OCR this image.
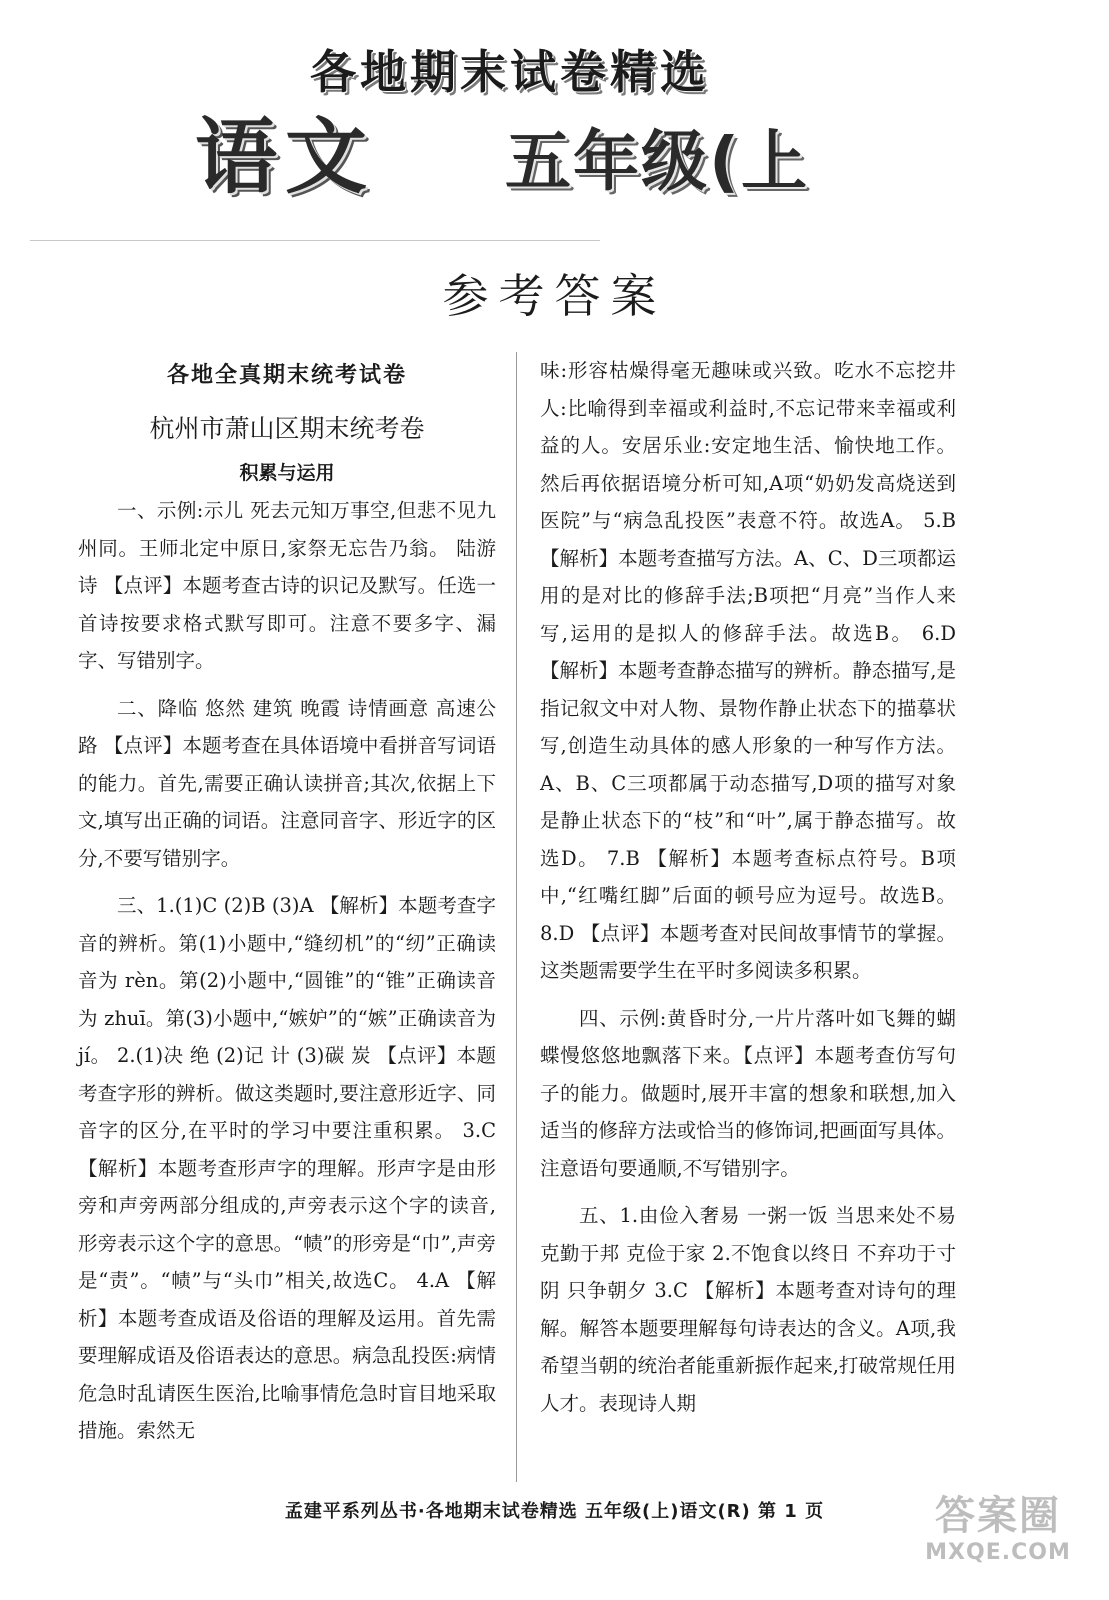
各地期末试卷精选
语文 五年级(上
参考答案
各地全真期末统考试卷
杭州市萧山区期末统考卷
积累与运用

一、示例:示儿 死去元知万事空,但悲不见九州同。王师北定中原日,家祭无忘告乃翁。 陆游诗 【点评】本题考查古诗的识记及默写。任选一首诗按要求格式默写即可。注意不要多字、漏字、写错别字。

二、降临 悠然 建筑 晚霞 诗情画意 高速公路 【点评】本题考查在具体语境中看拼音写词语的能力。首先,需要正确认读拼音;其次,依据上下文,填写出正确的词语。注意同音字、形近字的区分,不要写错别字。

三、1.(1)C (2)B (3)A 【解析】本题考查字音的辨析。第(1)小题中,“缝纫机”的“纫”正确读音为 rèn。第(2)小题中,“圆锥”的“锥”正确读音为 zhuī。第(3)小题中,“嫉妒”的“嫉”正确读音为 jí。 2.(1)决 绝 (2)记 计 (3)碳 炭 【点评】本题考查字形的辨析。做这类题时,要注意形近字、同音字的区分,在平时的学习中要注重积累。 3.C 【解析】本题考查形声字的理解。形声字是由形旁和声旁两部分组成的,声旁表示这个字的读音,形旁表示这个字的意思。“帻”的形旁是“巾”,声旁是“责”。“帻”与“头巾”相关,故选C。 4.A 【解析】本题考查成语及俗语的理解及运用。首先需要理解成语及俗语表达的意思。病急乱投医:病情危急时乱请医生医治,比喻事情危急时盲目地采取措施。索然无

味:形容枯燥得毫无趣味或兴致。吃水不忘挖井人:比喻得到幸福或利益时,不忘记带来幸福或利益的人。安居乐业:安定地生活、愉快地工作。然后再依据语境分析可知,A项“奶奶发高烧送到医院”与“病急乱投医”表意不符。故选A。 5.B 【解析】本题考查描写方法。A、C、D三项都运用的是对比的修辞手法;B项把“月亮”当作人来写,运用的是拟人的修辞手法。故选B。 6.D 【解析】本题考查静态描写的辨析。静态描写,是指记叙文中对人物、景物作静止状态下的描摹状写,创造生动具体的感人形象的一种写作方法。A、B、C三项都属于动态描写,D项的描写对象是静止状态下的“枝”和“叶”,属于静态描写。故选D。 7.B 【解析】本题考查标点符号。B项中,“红嘴红脚”后面的顿号应为逗号。故选B。 8.D 【点评】本题考查对民间故事情节的掌握。这类题需要学生在平时多阅读多积累。

四、示例:黄昏时分,一片片落叶如飞舞的蝴蝶慢悠悠地飘落下来。【点评】本题考查仿写句子的能力。做题时,展开丰富的想象和联想,加入适当的修辞方法或恰当的修饰词,把画面写具体。注意语句要通顺,不写错别字。

五、1.由俭入奢易 一粥一饭 当思来处不易 克勤于邦 克俭于家 2.不饱食以终日 不弃功于寸阴 只争朝夕 3.C 【解析】本题考查对诗句的理解。解答本题要理解每句诗表达的含义。A项,我希望当朝的统治者能重新振作起来,打破常规任用人才。表现诗人期

孟建平系列丛书·各地期末试卷精选 五年级(上)语文(R) 第 1 页	答案圈
MXQE.COM
